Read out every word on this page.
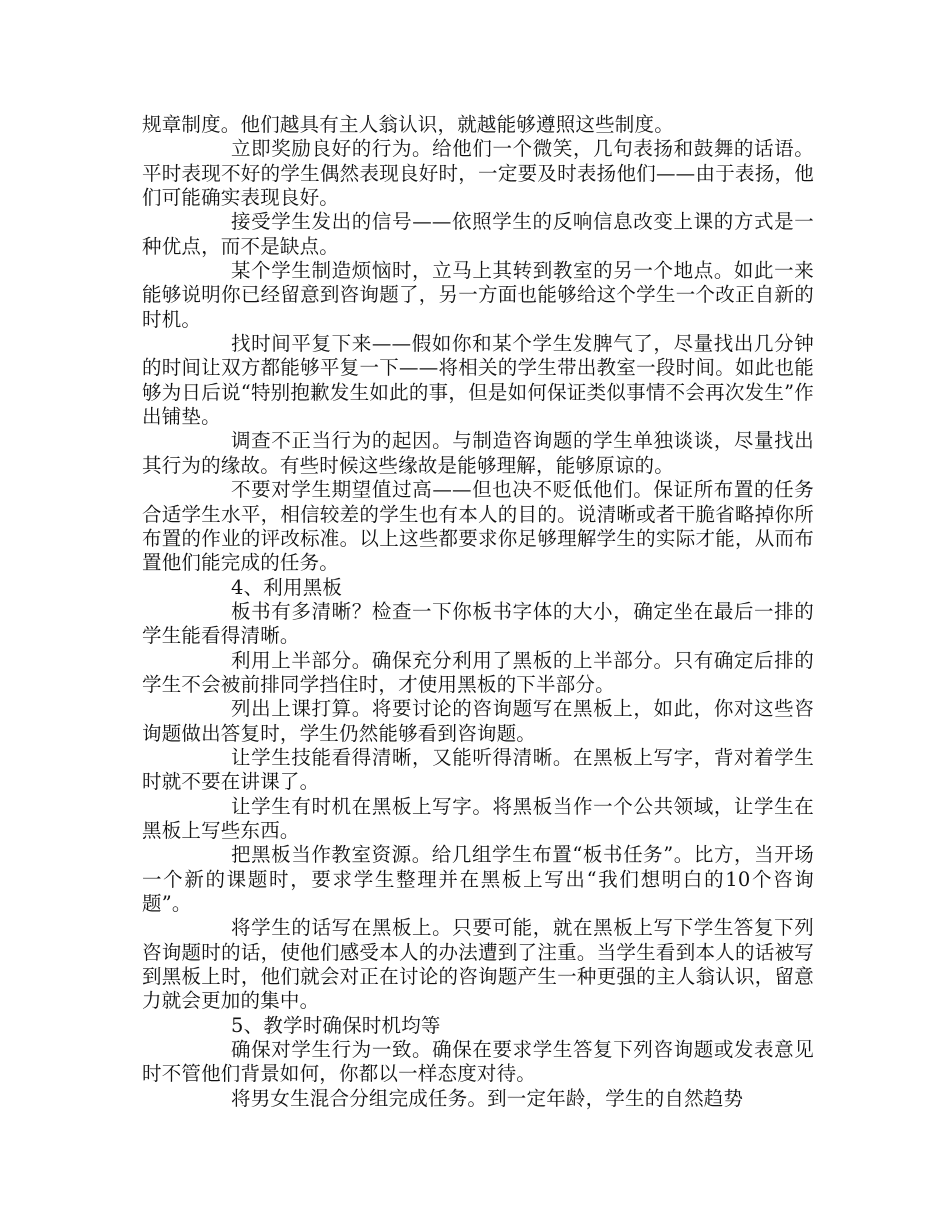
规章制度。他们越具有主人翁认识，就越能够遵照这些制度。

立即奖励良好的行为。给他们一个微笑，几句表扬和鼓舞的话语。平时表现不好的学生偶然表现良好时，一定要及时表扬他们——由于表扬，他们可能确实表现良好。

接受学生发出的信号——依照学生的反响信息改变上课的方式是一种优点，而不是缺点。

某个学生制造烦恼时，立马上其转到教室的另一个地点。如此一来能够说明你已经留意到咨询题了，另一方面也能够给这个学生一个改正自新的时机。

找时间平复下来——假如你和某个学生发脾气了，尽量找出几分钟的时间让双方都能够平复一下——将相关的学生带出教室一段时间。如此也能够为日后说“特别抱歉发生如此的事，但是如何保证类似事情不会再次发生”作出铺垫。

调查不正当行为的起因。与制造咨询题的学生单独谈谈，尽量找出其行为的缘故。有些时候这些缘故是能够理解，能够原谅的。

不要对学生期望值过高——但也决不贬低他们。保证所布置的任务合适学生水平，相信较差的学生也有本人的目的。说清晰或者干脆省略掉你所布置的作业的评改标准。以上这些都要求你足够理解学生的实际才能，从而布置他们能完成的任务。

4、利用黑板

板书有多清晰？检查一下你板书字体的大小，确定坐在最后一排的学生能看得清晰。

利用上半部分。确保充分利用了黑板的上半部分。只有确定后排的学生不会被前排同学挡住时，才使用黑板的下半部分。

列出上课打算。将要讨论的咨询题写在黑板上，如此，你对这些咨询题做出答复时，学生仍然能够看到咨询题。

让学生技能看得清晰，又能听得清晰。在黑板上写字，背对着学生时就不要在讲课了。

让学生有时机在黑板上写字。将黑板当作一个公共领域，让学生在黑板上写些东西。

把黑板当作教室资源。给几组学生布置“板书任务”。比方，当开场一个新的课题时，要求学生整理并在黑板上写出“我们想明白的10个咨询题”。

将学生的话写在黑板上。只要可能，就在黑板上写下学生答复下列咨询题时的话，使他们感受本人的办法遭到了注重。当学生看到本人的话被写到黑板上时，他们就会对正在讨论的咨询题产生一种更强的主人翁认识，留意力就会更加的集中。

5、教学时确保时机均等

确保对学生行为一致。确保在要求学生答复下列咨询题或发表意见时不管他们背景如何，你都以一样态度对待。

将男女生混合分组完成任务。到一定年龄，学生的自然趋势
